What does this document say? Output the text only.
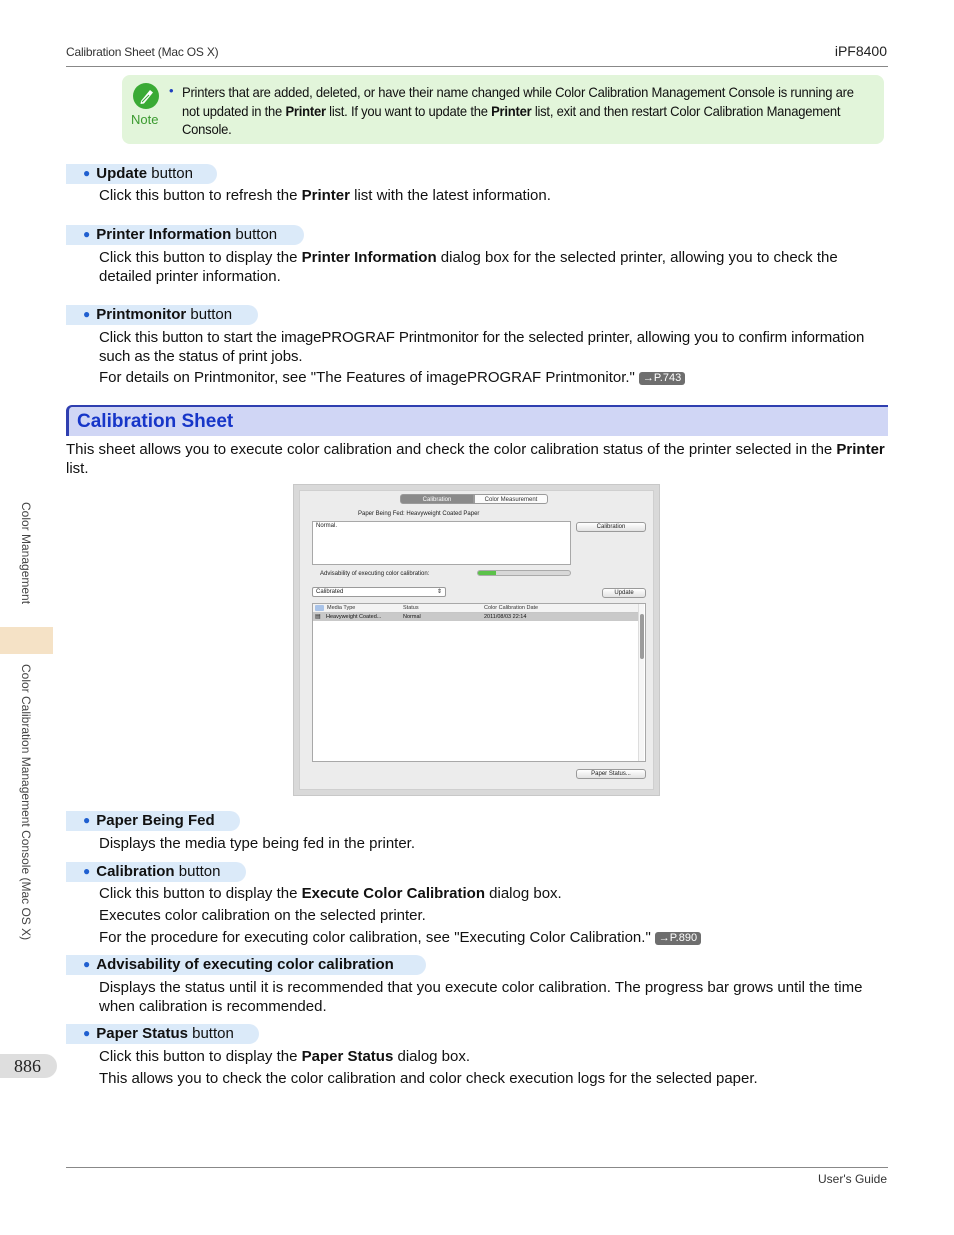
Calibration Sheet (Mac OS X)	iPF8400
Note
• Printers that are added, deleted, or have their name changed while Color Calibration Management Console is running are not updated in the Printer list. If you want to update the Printer list, exit and then restart Color Calibration Management Console.
● Update button
Click this button to refresh the Printer list with the latest information.
● Printer Information button
Click this button to display the Printer Information dialog box for the selected printer, allowing you to check the detailed printer information.
● Printmonitor button
Click this button to start the imagePROGRAF Printmonitor for the selected printer, allowing you to confirm information such as the status of print jobs.
For details on Printmonitor, see "The Features of imagePROGRAF Printmonitor." →P.743
Calibration Sheet
This sheet allows you to execute color calibration and check the color calibration status of the printer selected in the Printer list.
Calibration	Color Measurement
Paper Being Fed: Heavyweight Coated Paper
Normal.	Calibration
Advisability of executing color calibration:
Calibrated	⇕	Update
Media Type	Status	Color Calibration Date
▤ Heavyweight Coated...	Normal	2011/08/03 22:14
Paper Status...
● Paper Being Fed
Displays the media type being fed in the printer.
● Calibration button
Click this button to display the Execute Color Calibration dialog box.
Executes color calibration on the selected printer.
For the procedure for executing color calibration, see "Executing Color Calibration." →P.890
● Advisability of executing color calibration
Displays the status until it is recommended that you execute color calibration. The progress bar grows until the time when calibration is recommended.
● Paper Status button
Click this button to display the Paper Status dialog box.
This allows you to check the color calibration and color check execution logs for the selected paper.
Color Management
Color Calibration Management Console (Mac OS X)
886
User's Guide
